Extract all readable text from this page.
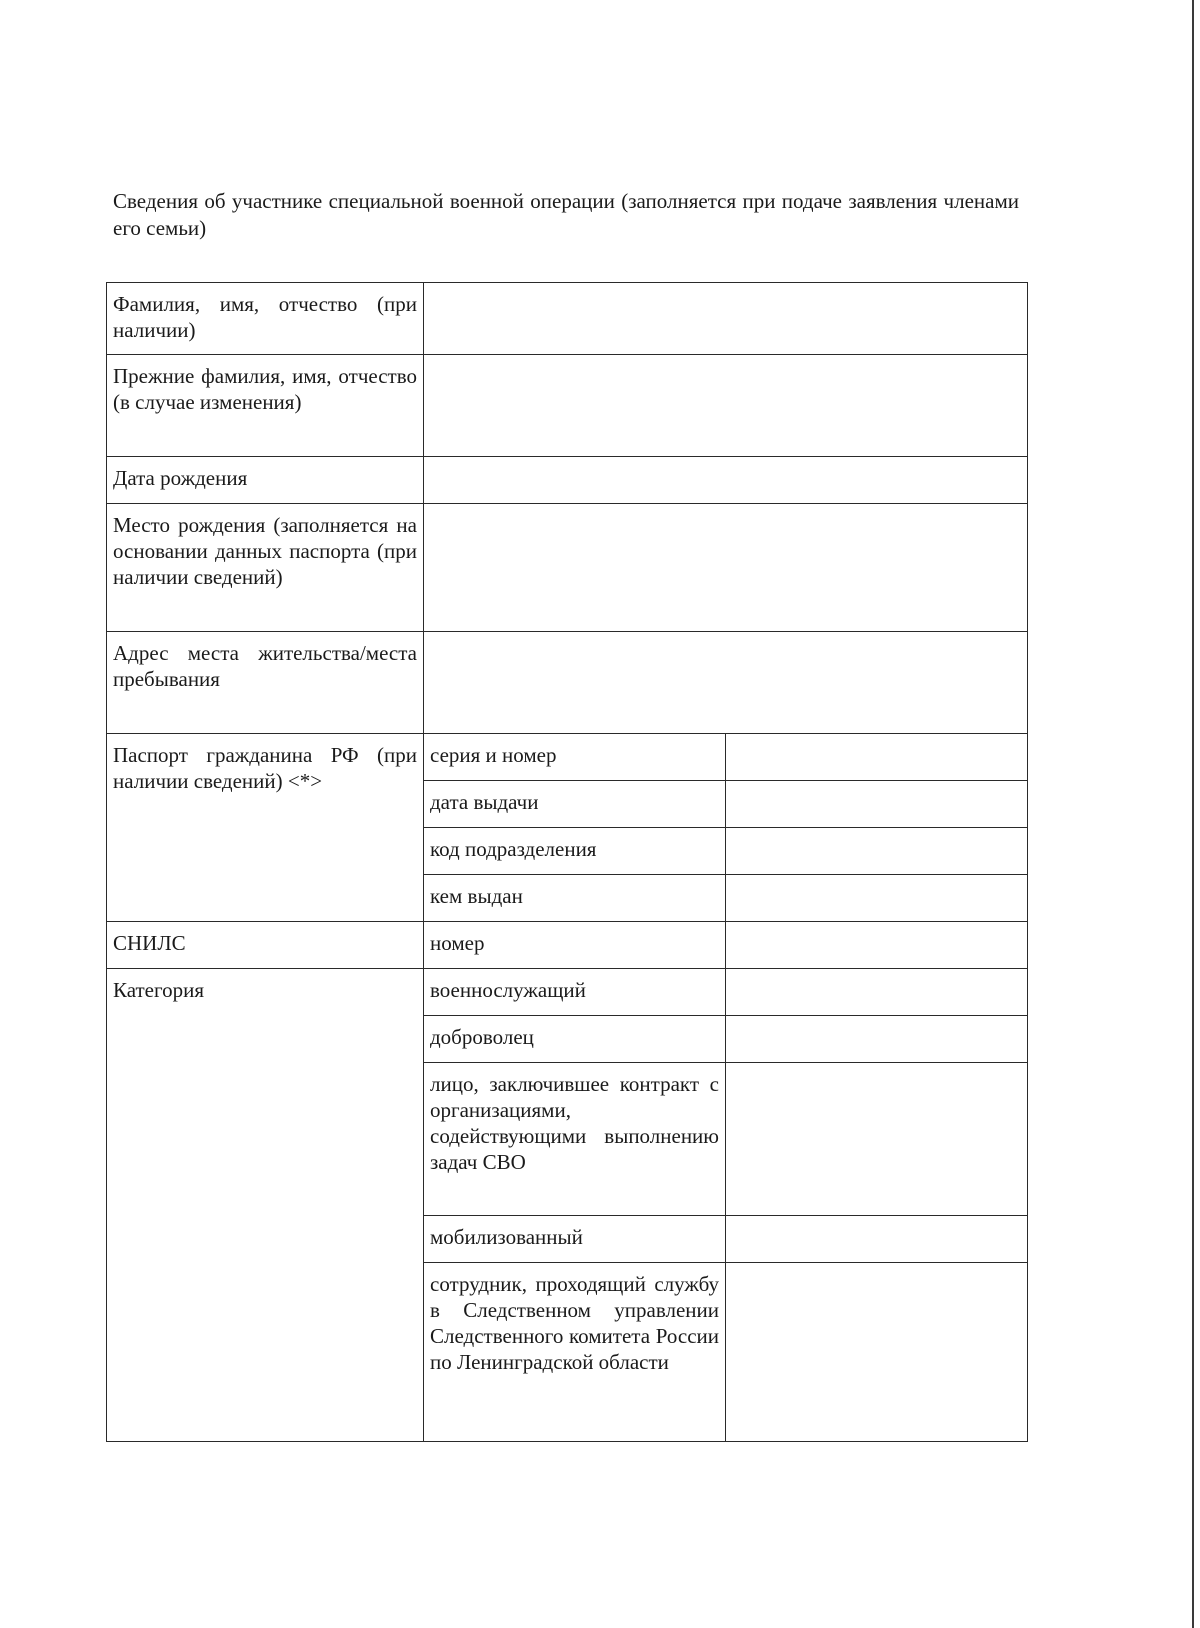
Сведения об участнике специальной военной операции (заполняется при подаче заявления членами его семьи)
Фамилия, имя, отчество (при наличии)		
Прежние фамилия, имя, отчество (в случае изменения)		
Дата рождения		
Место рождения (заполняется на основании данных паспорта (при наличии сведений)		
Адрес места жительства/места пребывания		
Паспорт гражданина РФ (при наличии сведений) <*>	серия и номер	
	дата выдачи	
	код подразделения	
	кем выдан	
СНИЛС	номер	
Категория	военнослужащий	
	доброволец	
	лицо, заключившее контракт с организациями, содействующими выполнению задач СВО	
	мобилизованный	
	сотрудник, проходящий службу в Следственном управлении Следственного комитета России по Ленинградской области	
